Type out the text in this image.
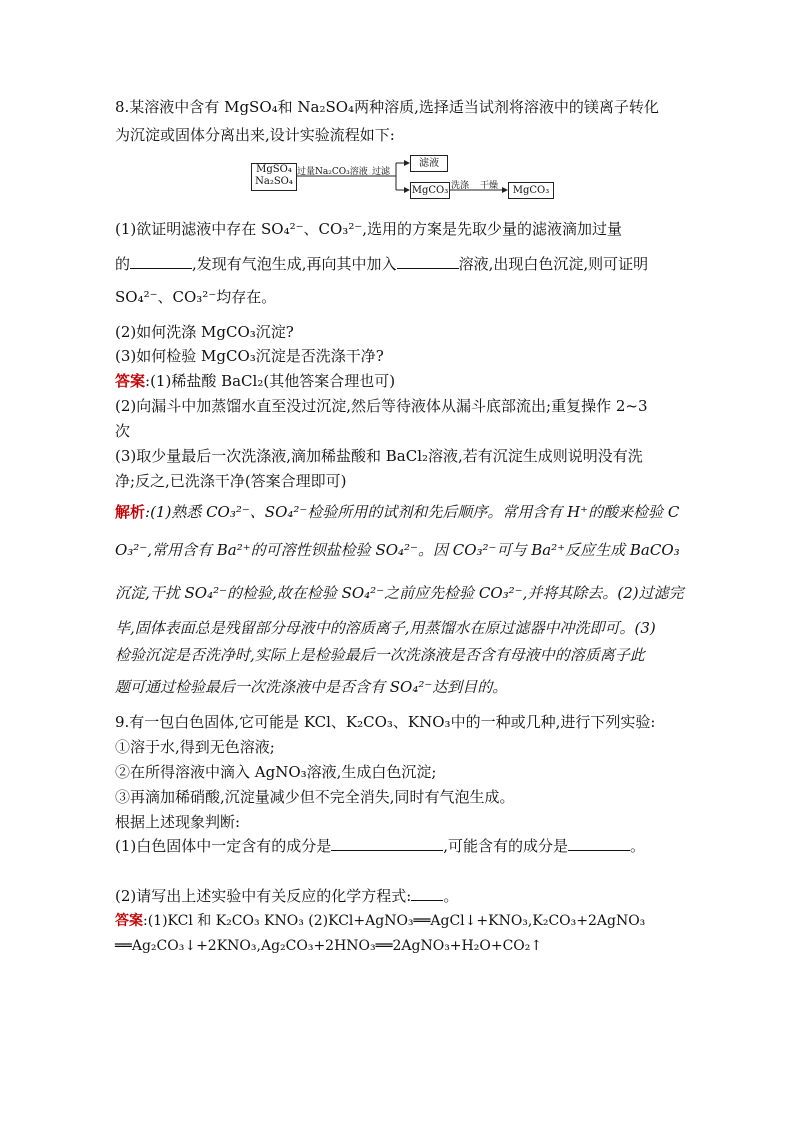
8.某溶液中含有 MgSO₄和 Na₂SO₄两种溶质,选择适当试剂将溶液中的镁离子转化
为沉淀或固体分离出来,设计实验流程如下:
MgSO₄
Na₂SO₄
过量Na₂CO₃溶液 过滤
滤液
MgCO₃ 洗涤 干燥	MgCO₃
(1)欲证明滤液中存在 SO₄²⁻、CO₃²⁻,选用的方案是先取少量的滤液滴加过量
的	,发现有气泡生成,再向其中加入	溶液,出现白色沉淀,则可证明
SO₄²⁻、CO₃²⁻均存在。
(2)如何洗涤 MgCO₃沉淀?
(3)如何检验 MgCO₃沉淀是否洗涤干净?
答案:(1)稀盐酸 BaCl₂(其他答案合理也可)
(2)向漏斗中加蒸馏水直至没过沉淀,然后等待液体从漏斗底部流出;重复操作 2~3
次
(3)取少量最后一次洗涤液,滴加稀盐酸和 BaCl₂溶液,若有沉淀生成则说明没有洗
净;反之,已洗涤干净(答案合理即可)
解析:(1)熟悉 CO₃²⁻、SO₄²⁻检验所用的试剂和先后顺序。常用含有 H⁺的酸来检验 C
O₃²⁻,常用含有 Ba²⁺的可溶性钡盐检验 SO₄²⁻。因 CO₃²⁻可与 Ba²⁺反应生成 BaCO₃
沉淀,干扰 SO₄²⁻的检验,故在检验 SO₄²⁻之前应先检验 CO₃²⁻,并将其除去。(2)过滤完
毕,固体表面总是残留部分母液中的溶质离子,用蒸馏水在原过滤器中冲洗即可。(3)
检验沉淀是否洗净时,实际上是检验最后一次洗涤液是否含有母液中的溶质离子此
题可通过检验最后一次洗涤液中是否含有 SO₄²⁻达到目的。
9.有一包白色固体,它可能是 KCl、K₂CO₃、KNO₃中的一种或几种,进行下列实验:
①溶于水,得到无色溶液;
②在所得溶液中滴入 AgNO₃溶液,生成白色沉淀;
③再滴加稀硝酸,沉淀量减少但不完全消失,同时有气泡生成。
根据上述现象判断:
(1)白色固体中一定含有的成分是	,可能含有的成分是	。
(2)请写出上述实验中有关反应的化学方程式: 。
答案:(1)KCl 和 K₂CO₃ KNO₃ (2)KCl+AgNO₃══AgCl↓+KNO₃,K₂CO₃+2AgNO₃
══Ag₂CO₃↓+2KNO₃,Ag₂CO₃+2HNO₃══2AgNO₃+H₂O+CO₂↑
